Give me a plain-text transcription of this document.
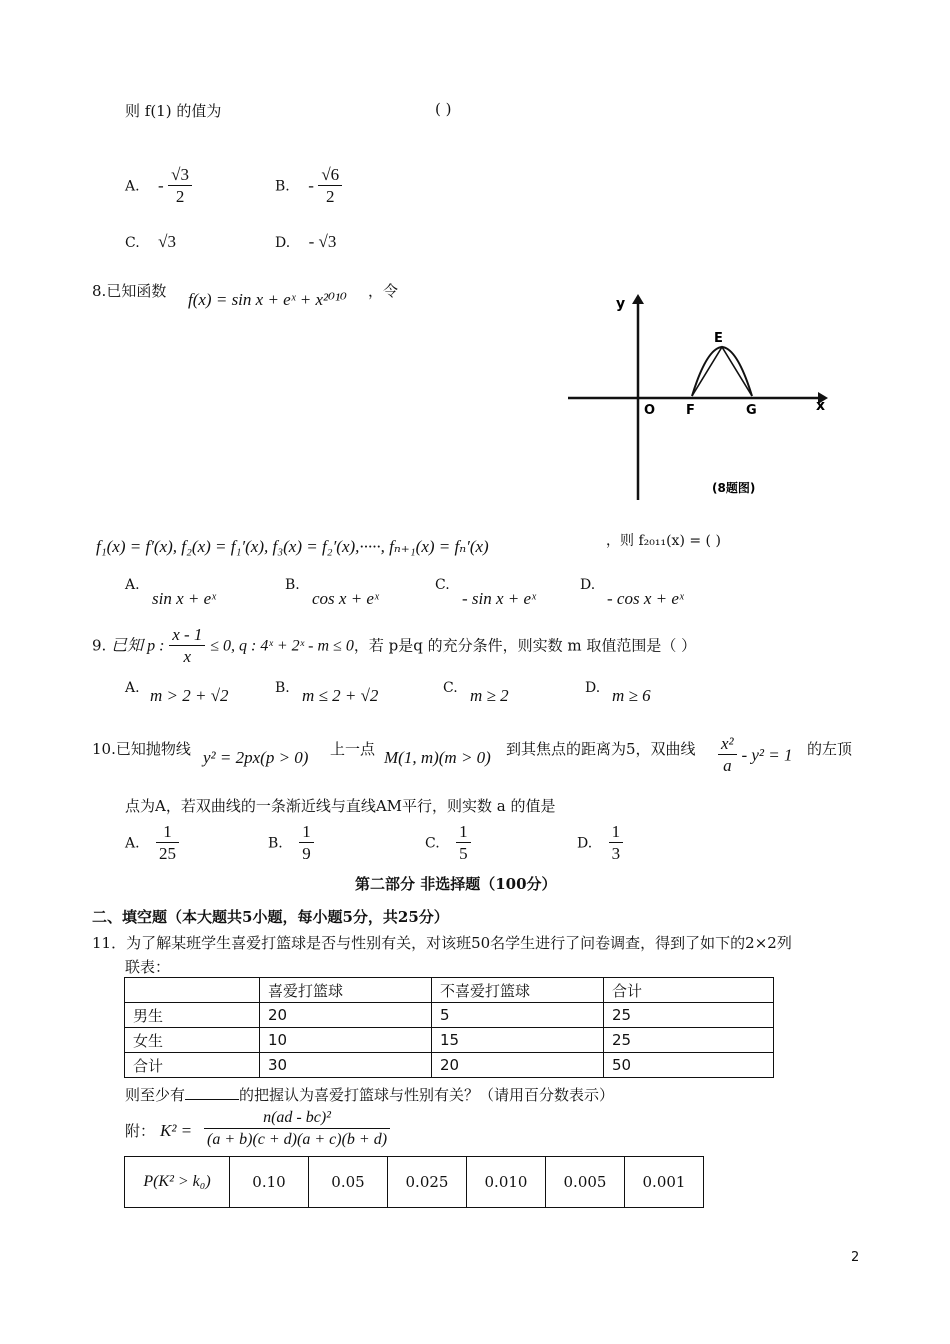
则 f(1) 的值为	( )
A. - $\frac{√3}{2}$	B. - $\frac{√6}{2}$
C. √3	D. - √3
8.已知函数 f(x) = sin x + eˣ + x²⁰¹⁰ ，令
y
x
O F	G
E
(8题图)
f₁(x) = f′(x), f₂(x) = f₁′(x), f₃(x) = f₂′(x),·····, fₙ₊₁(x) = fₙ′(x)	，则 f₂₀₁₁(x) = ( )
A.
sin x + eˣ
B.
cos x + eˣ
C.
- sin x + eˣ
D.
- cos x + eˣ
9. 已知 p : $\frac{x - 1}{x} \le 0$, q : 4ˣ + 2ˣ - m ≤ 0，若 p是q 的充分条件，则实数 m 取值范围是（ ）
A. m > 2 + √2	B. m ≤ 2 + √2	C. m ≥ 2	D. m ≥ 6
10.已知抛物线 y² = 2px(p > 0) 上一点 M(1, m)(m > 0) 到其焦点的距离为5，双曲线 $\frac{\text{x²}}{a} - y^2 = 1$ 的左顶
点为A，若双曲线的一条渐近线与直线AM平行，则实数 a 的值是
A. $\frac{1}{25}$	B. $\frac{1}{9}$	C. $\frac{1}{5}$	D. $\frac{1}{3}$
第二部分 非选择题（100分）
二、填空题（本大题共5小题，每小题5分，共25分）
11．为了解某班学生喜爱打篮球是否与性别有关，对该班50名学生进行了问卷调查，得到了如下的2×2列
联表：
	喜爱打篮球	不喜爱打篮球	合计
男生	20	5	25
女生	10	15	25
合计	30	20	50
则至少有	的把握认为喜爱打篮球与性别有关？（请用百分数表示）
附： $K^2 = \frac{\text{n(ad - bc)²}}{(a + b)(c + d)(a + c)(b + d)}$
P(K² > k₀)	0.10	0.05	0.025	0.010	0.005	0.001
2
